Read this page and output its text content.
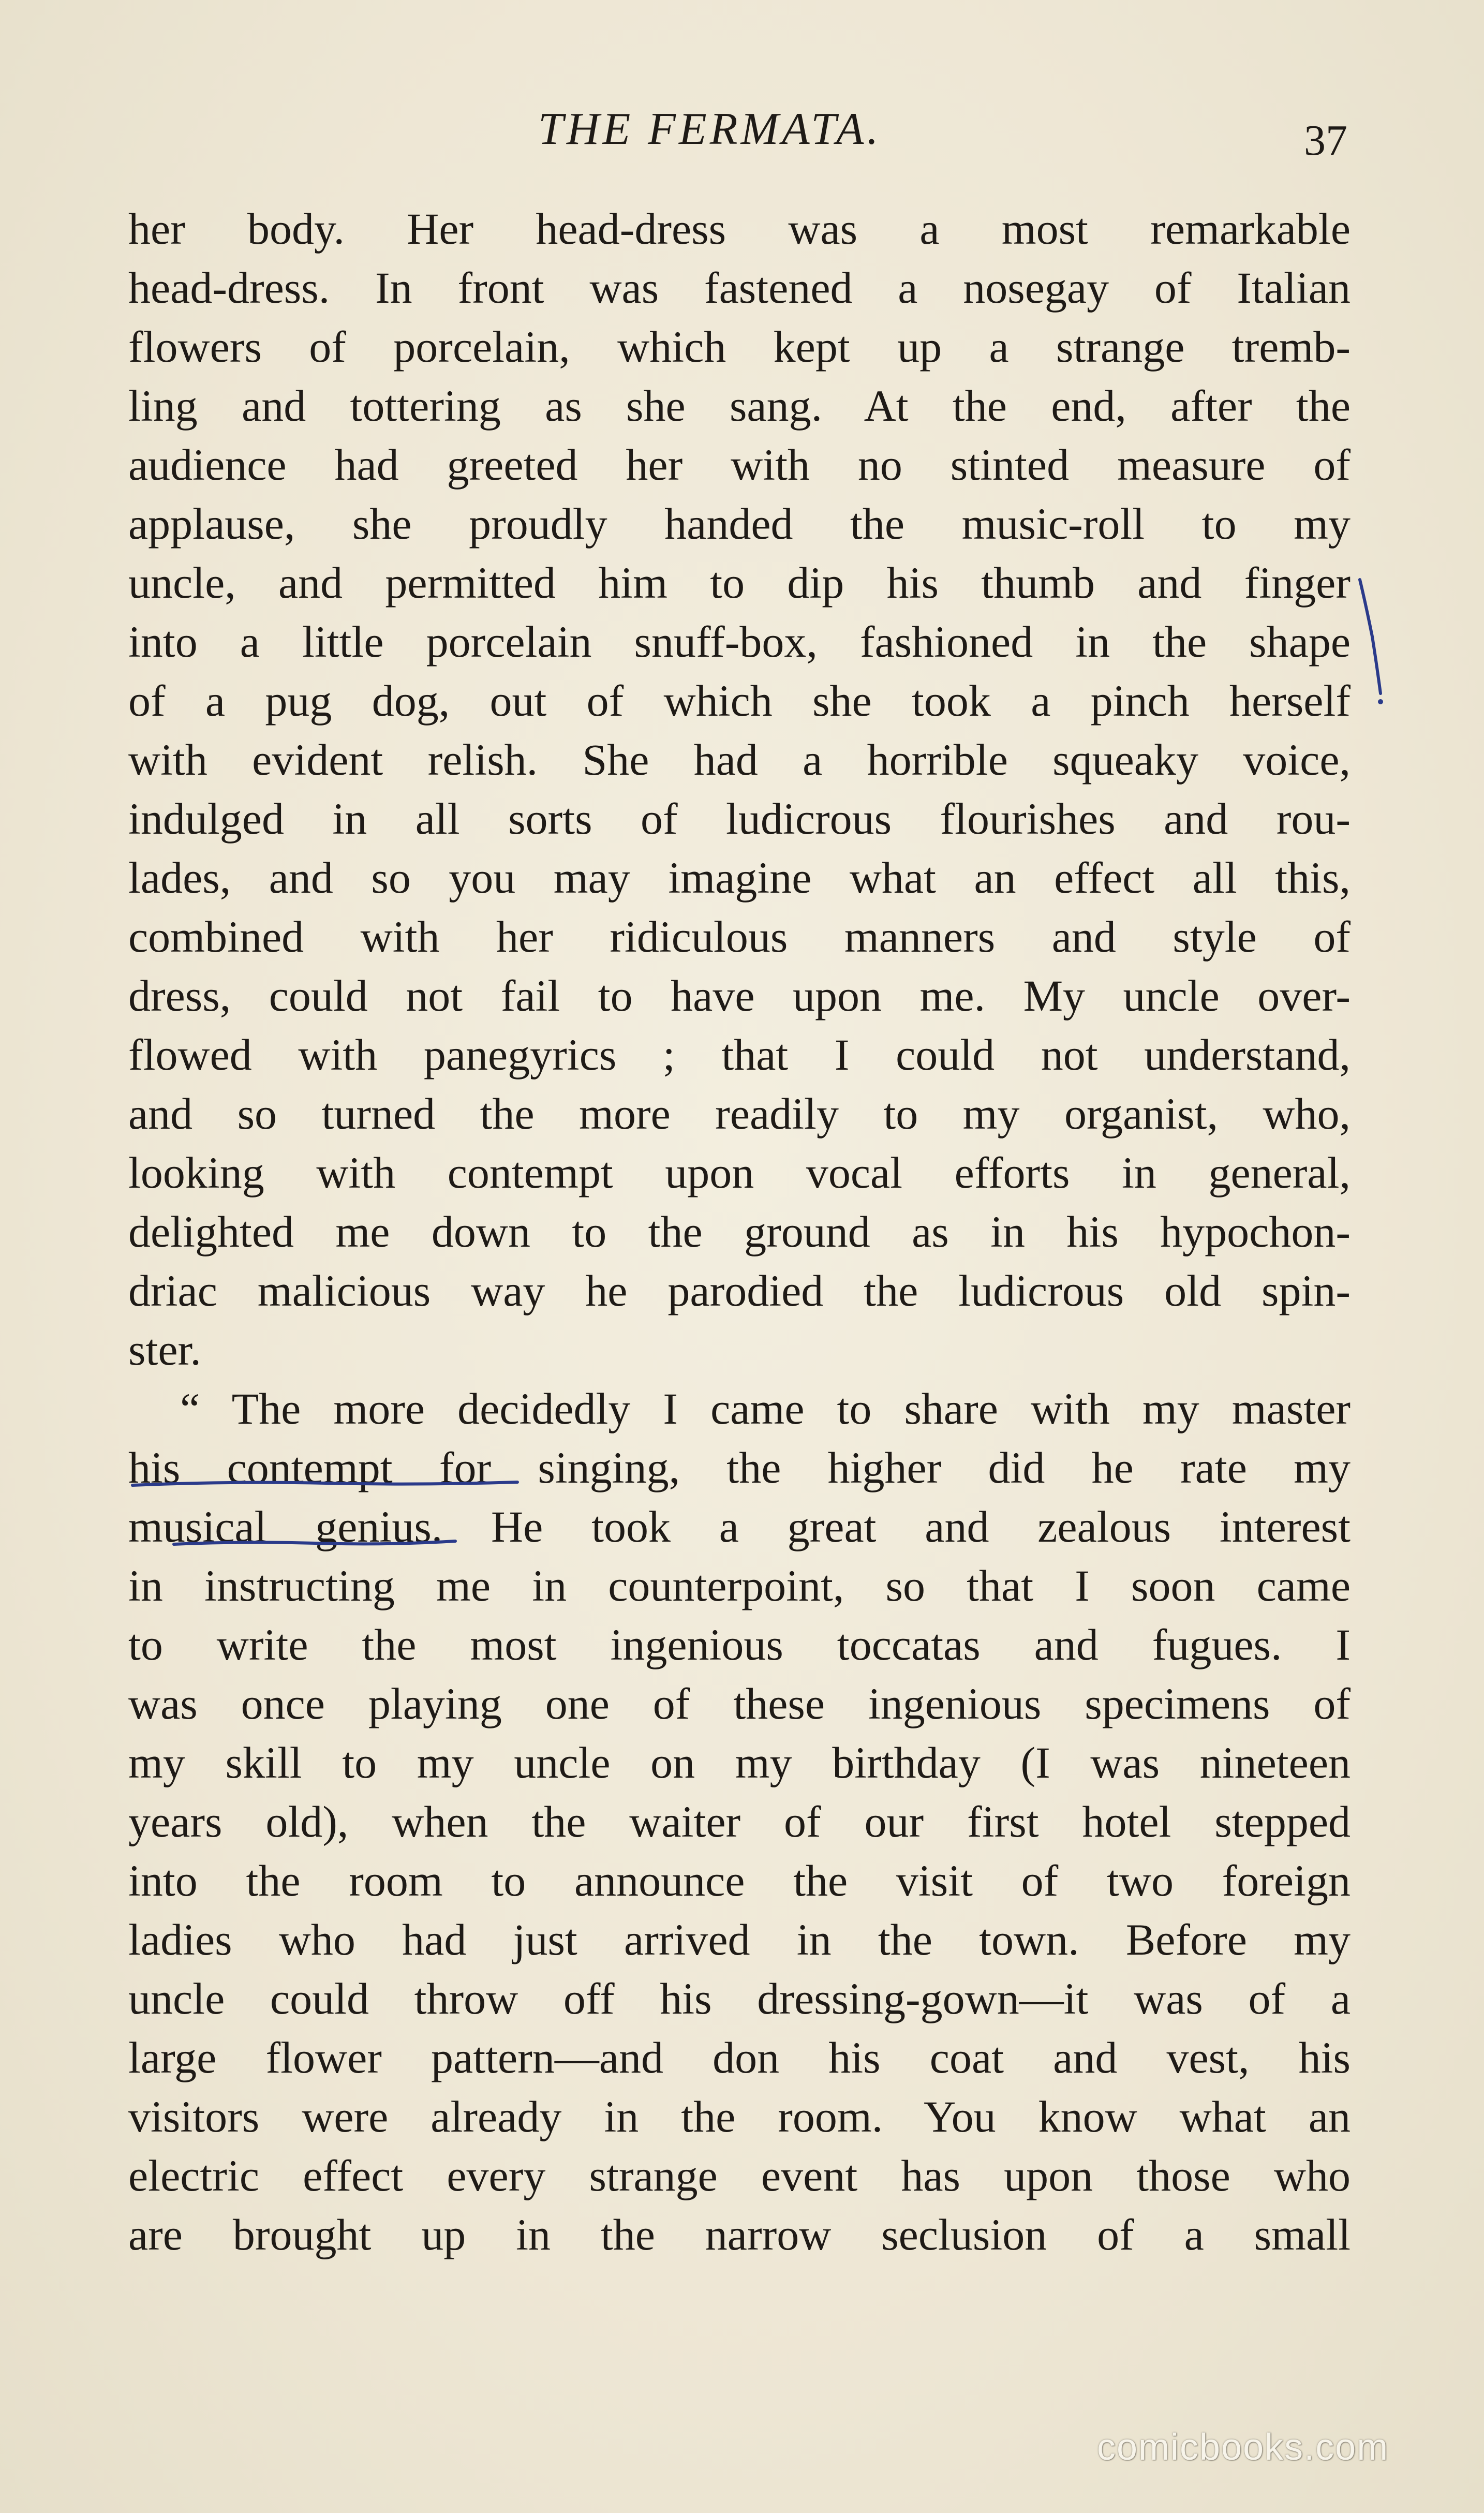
THE FERMATA.	37
her body. Her head-dress was a most remarkable
head-dress. In front was fastened a nosegay of Italian
flowers of porcelain, which kept up a strange tremb-
ling and tottering as she sang. At the end, after the
audience had greeted her with no stinted measure of
applause, she proudly handed the music-roll to my
uncle, and permitted him to dip his thumb and finger
into a little porcelain snuff-box, fashioned in the shape
of a pug dog, out of which she took a pinch herself
with evident relish. She had a horrible squeaky voice,
indulged in all sorts of ludicrous flourishes and rou-
lades, and so you may imagine what an effect all this,
combined with her ridiculous manners and style of
dress, could not fail to have upon me. My uncle over-
flowed with panegyrics ; that I could not understand,
and so turned the more readily to my organist, who,
looking with contempt upon vocal efforts in general,
delighted me down to the ground as in his hypochon-
driac malicious way he parodied the ludicrous old spin-
ster.
“ The more decidedly I came to share with my master
his contempt for singing, the higher did he rate my
musical genius. He took a great and zealous interest
in instructing me in counterpoint, so that I soon came
to write the most ingenious toccatas and fugues. I
was once playing one of these ingenious specimens of
my skill to my uncle on my birthday (I was nineteen
years old), when the waiter of our first hotel stepped
into the room to announce the visit of two foreign
ladies who had just arrived in the town. Before my
uncle could throw off his dressing-gown—it was of a
large flower pattern—and don his coat and vest, his
visitors were already in the room. You know what an
electric effect every strange event has upon those who
are brought up in the narrow seclusion of a small
comicbooks.com
